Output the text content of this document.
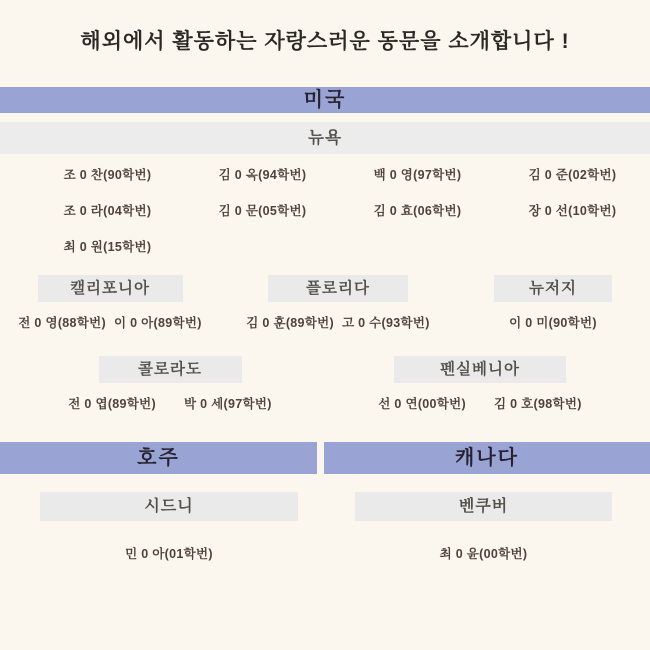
해외에서 활동하는 자랑스러운 동문을 소개합니다 !
미국
뉴욕
조 0 찬(90학번)	김 0 옥(94학번)	백 0 영(97학번)	김 0 준(02학번)
조 0 라(04학번)	김 0 문(05학번)	김 0 효(06학번)	장 0 선(10학번)
최 0 원(15학번)
캘리포니아
전 0 영(88학번) 이 0 아(89학번)
플로리다
김 0 훈(89학번) 고 0 수(93학번)
뉴저지
이 0 미(90학번)
콜로라도
전 0 엽(89학번) 박 0 세(97학번)
펜실베니아
선 0 연(00학번) 김 0 호(98학번)
호주	캐나다
시드니	벤쿠버
민 0 아(01학번)	최 0 윤(00학번)
